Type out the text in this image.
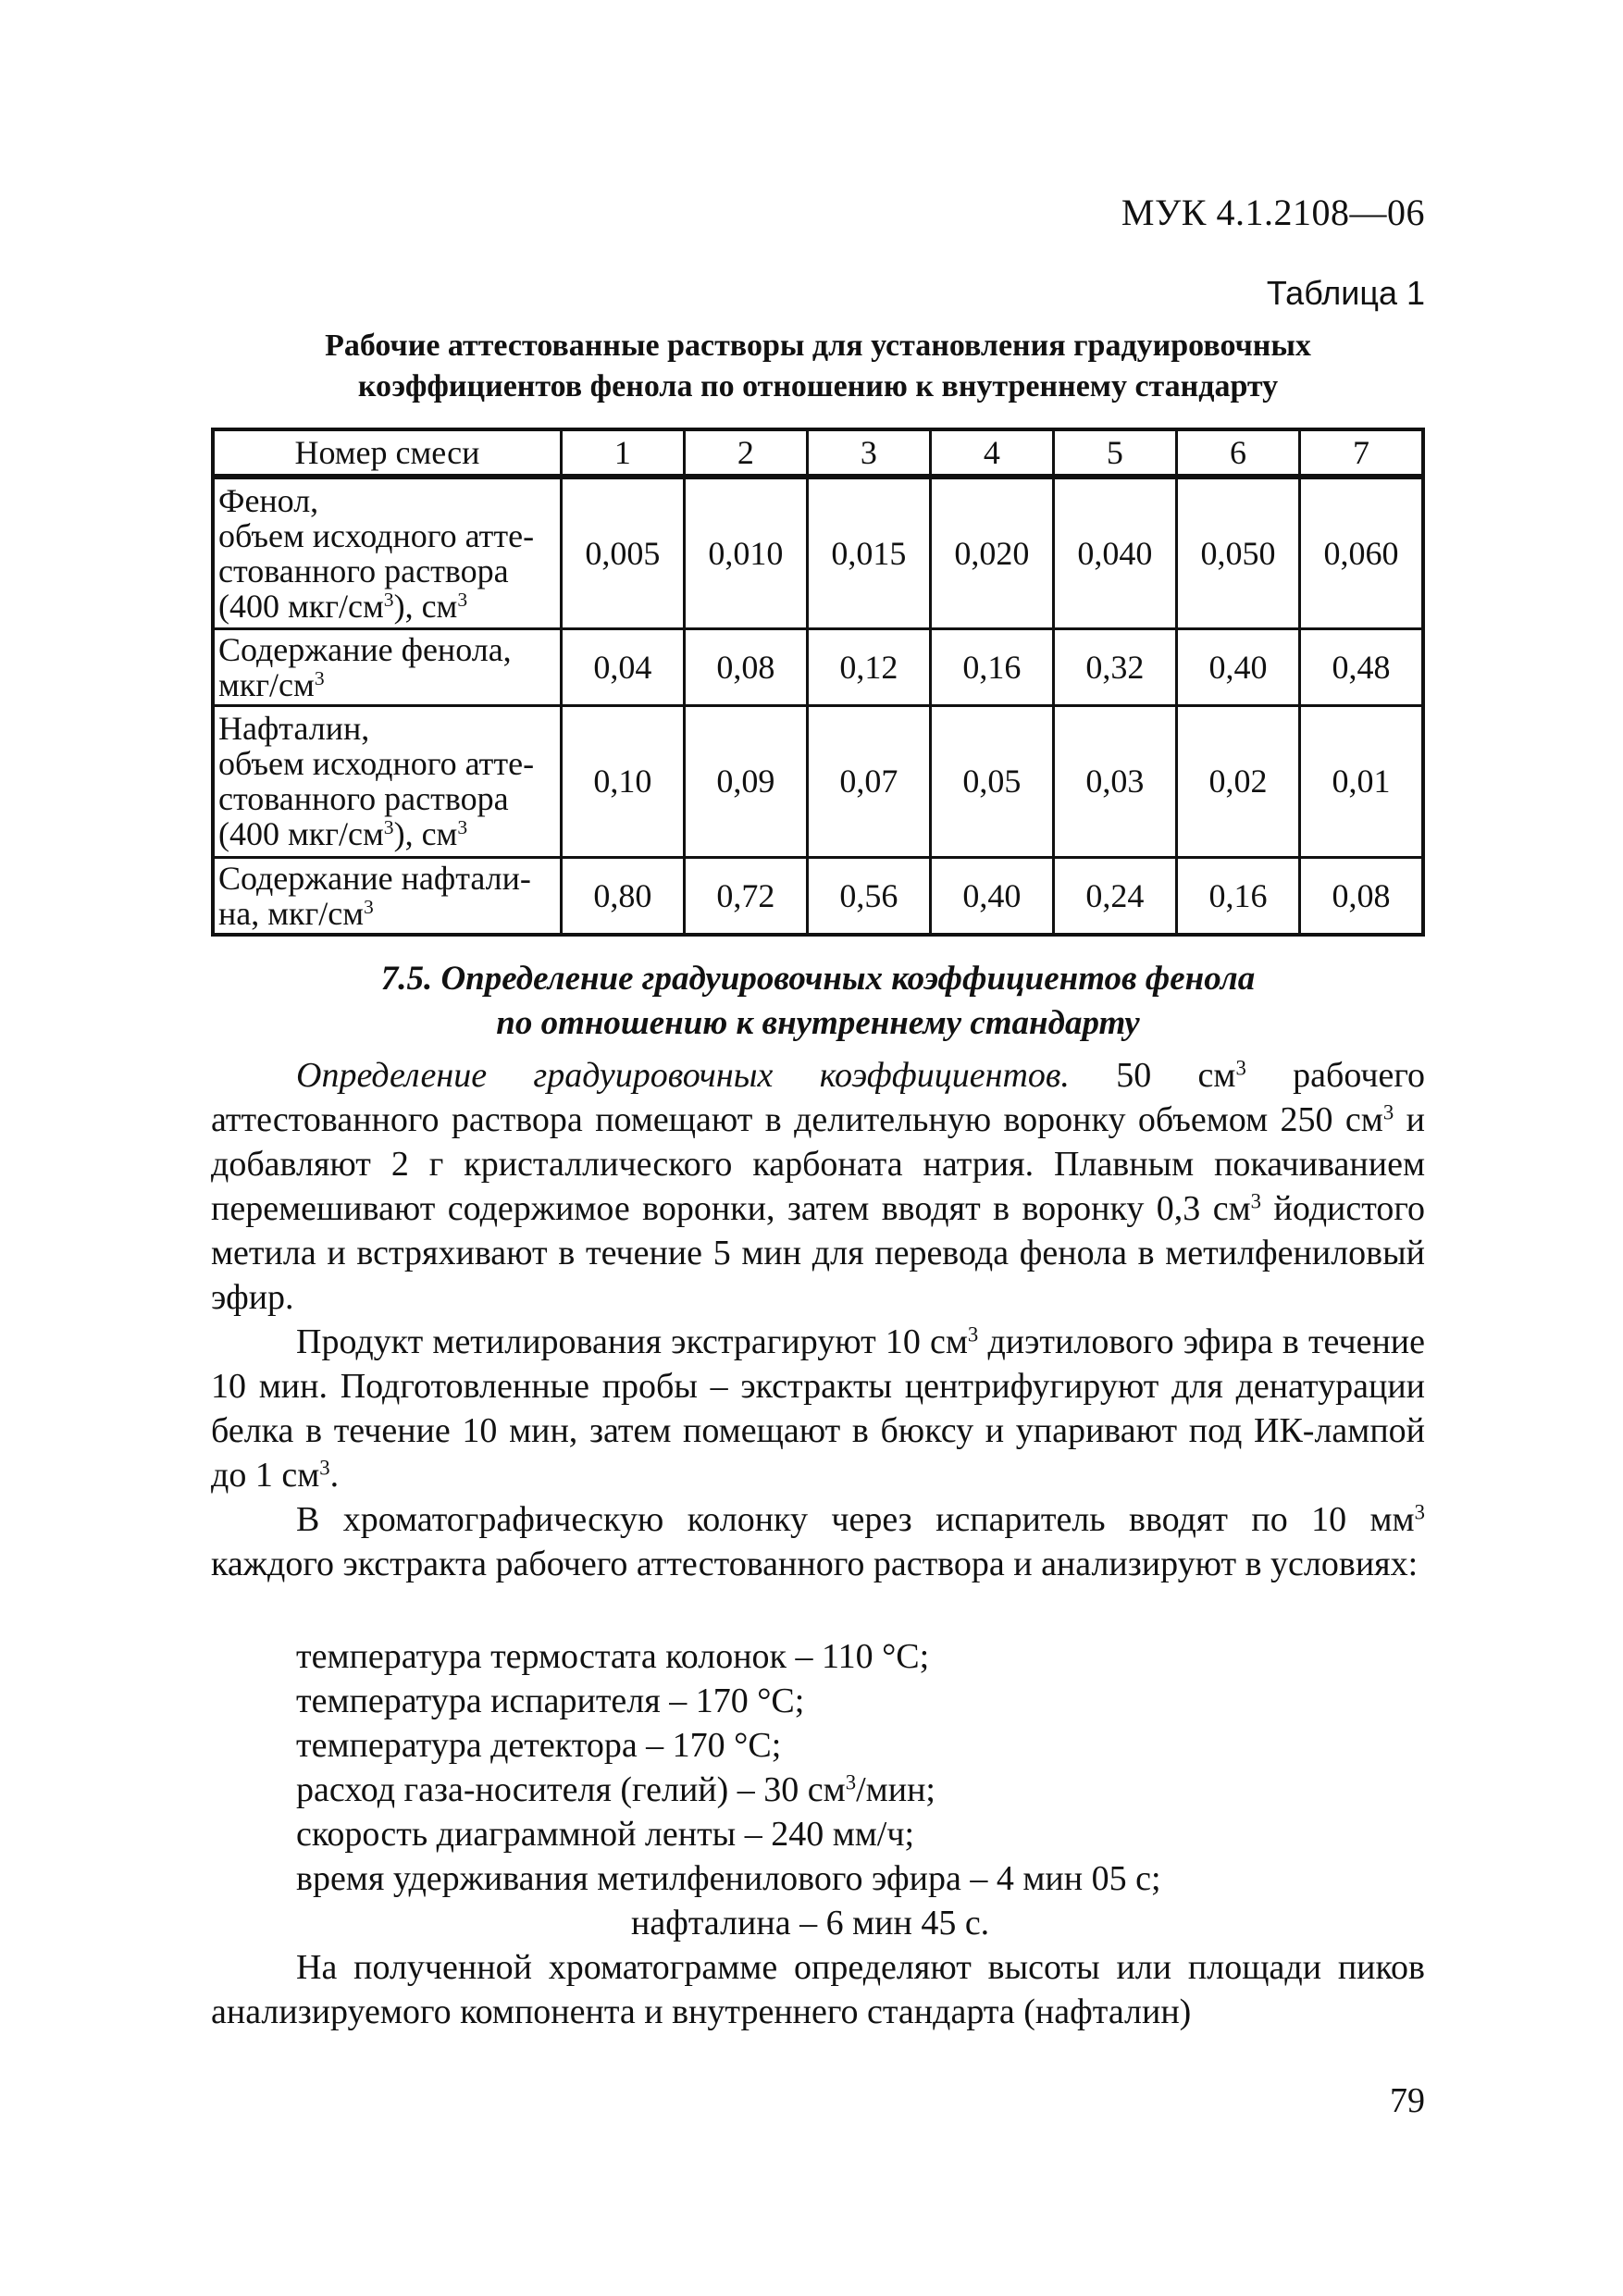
МУК 4.1.2108—06
Таблица 1
Рабочие аттестованные растворы для установления градуировочных
коэффициентов фенола по отношению к внутреннему стандарту
Номер смеси	1	2	3	4	5	6	7
Фенол,
объем исходного атте-
стованного раствора
(400 мкг/$см^3$), $см^3$	0,005	0,010	0,015	0,020	0,040	0,050	0,060
Содержание фенола,
мкг/$см^3$	0,04	0,08	0,12	0,16	0,32	0,40	0,48
Нафталин,
объем исходного атте-
стованного раствора
(400 мкг/$см^3$), $см^3$	0,10	0,09	0,07	0,05	0,03	0,02	0,01
Содержание нафтали-
на, мкг/$см^3$	0,80	0,72	0,56	0,40	0,24	0,16	0,08
7.5. Определение градуировочных коэффициентов фенола
по отношению к внутреннему стандарту

Определение градуировочных коэффициентов. 50 $см^3$ рабочего аттестованного раствора помещают в делительную воронку объемом 250 $см^3$ и добавляют 2 г кристаллического карбоната натрия. Плавным покачиванием перемешивают содержимое воронки, затем вводят в воронку 0,3 $см^3$ йодистого метила и встряхивают в течение 5 мин для перевода фенола в метилфениловый эфир.

Продукт метилирования экстрагируют 10 $см^3$ диэтилового эфира в течение 10 мин. Подготовленные пробы – экстракты центрифугируют для денатурации белка в течение 10 мин, затем помещают в бюксу и упаривают под ИК-лампой до 1 $см^3$.

В хроматографическую колонку через испаритель вводят по 10 $мм^3$ каждого экстракта рабочего аттестованного раствора и анализируют в условиях:

температура термостата колонок – 110 °С;
температура испарителя – 170 °С;
температура детектора – 170 °С;
расход газа-носителя (гелий) – 30 $см^3$/мин;
скорость диаграммной ленты – 240 мм/ч;
время удерживания метилфенилового эфира – 4 мин 05 с;
нафталина – 6 мин 45 с.

На полученной хроматограмме определяют высоты или площади пиков анализируемого компонента и внутреннего стандарта (нафталин)

79
